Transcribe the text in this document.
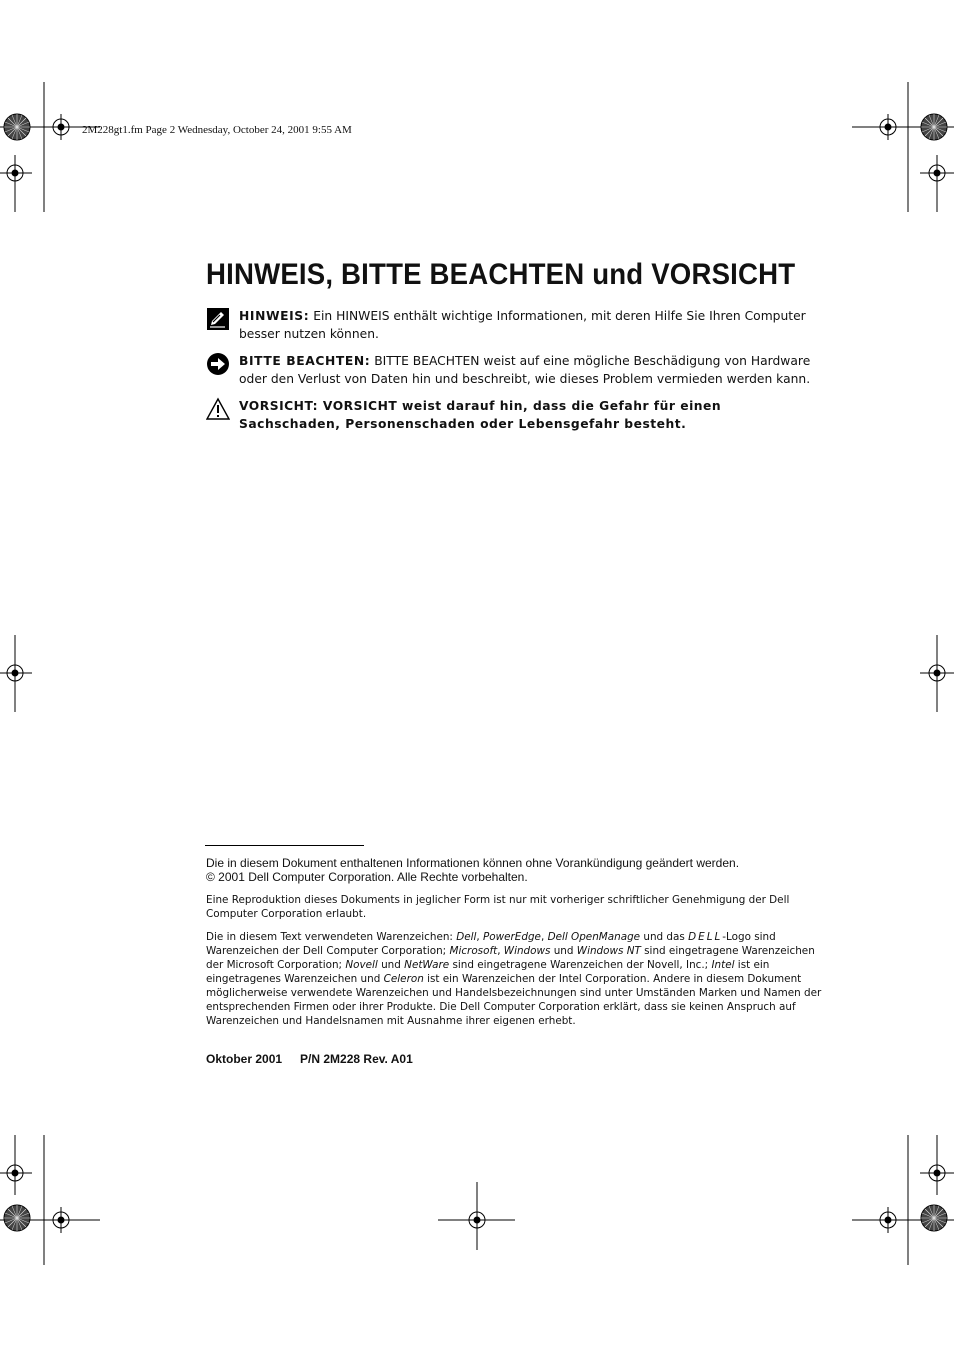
2M228gt1.fm Page 2 Wednesday, October 24, 2001 9:55 AM
HINWEIS, BITTE BEACHTEN und VORSICHT
HINWEIS: Ein HINWEIS enthält wichtige Informationen, mit deren Hilfe Sie Ihren Computer besser nutzen können.
BITTE BEACHTEN: BITTE BEACHTEN weist auf eine mögliche Beschädigung von Hardware oder den Verlust von Daten hin und beschreibt, wie dieses Problem vermieden werden kann.
VORSICHT: VORSICHT weist darauf hin, dass die Gefahr für einen Sachschaden, Personenschaden oder Lebensgefahr besteht.
Die in diesem Dokument enthaltenen Informationen können ohne Vorankündigung geändert werden.
© 2001 Dell Computer Corporation. Alle Rechte vorbehalten.
Eine Reproduktion dieses Dokuments in jeglicher Form ist nur mit vorheriger schriftlicher Genehmigung der Dell Computer Corporation erlaubt.
Die in diesem Text verwendeten Warenzeichen: Dell, PowerEdge, Dell OpenManage und das DELL-Logo sind Warenzeichen der Dell Computer Corporation; Microsoft, Windows und Windows NT sind eingetragene Warenzeichen der Microsoft Corporation; Novell und NetWare sind eingetragene Warenzeichen der Novell, Inc.; Intel ist ein eingetragenes Warenzeichen und Celeron ist ein Warenzeichen der Intel Corporation. Andere in diesem Dokument möglicherweise verwendete Warenzeichen und Handelsbezeichnungen sind unter Umständen Marken und Namen der entsprechenden Firmen oder ihrer Produkte. Die Dell Computer Corporation erklärt, dass sie keinen Anspruch auf Warenzeichen und Handelsnamen mit Ausnahme ihrer eigenen erhebt.
Oktober 2001 P/N 2M228 Rev. A01
